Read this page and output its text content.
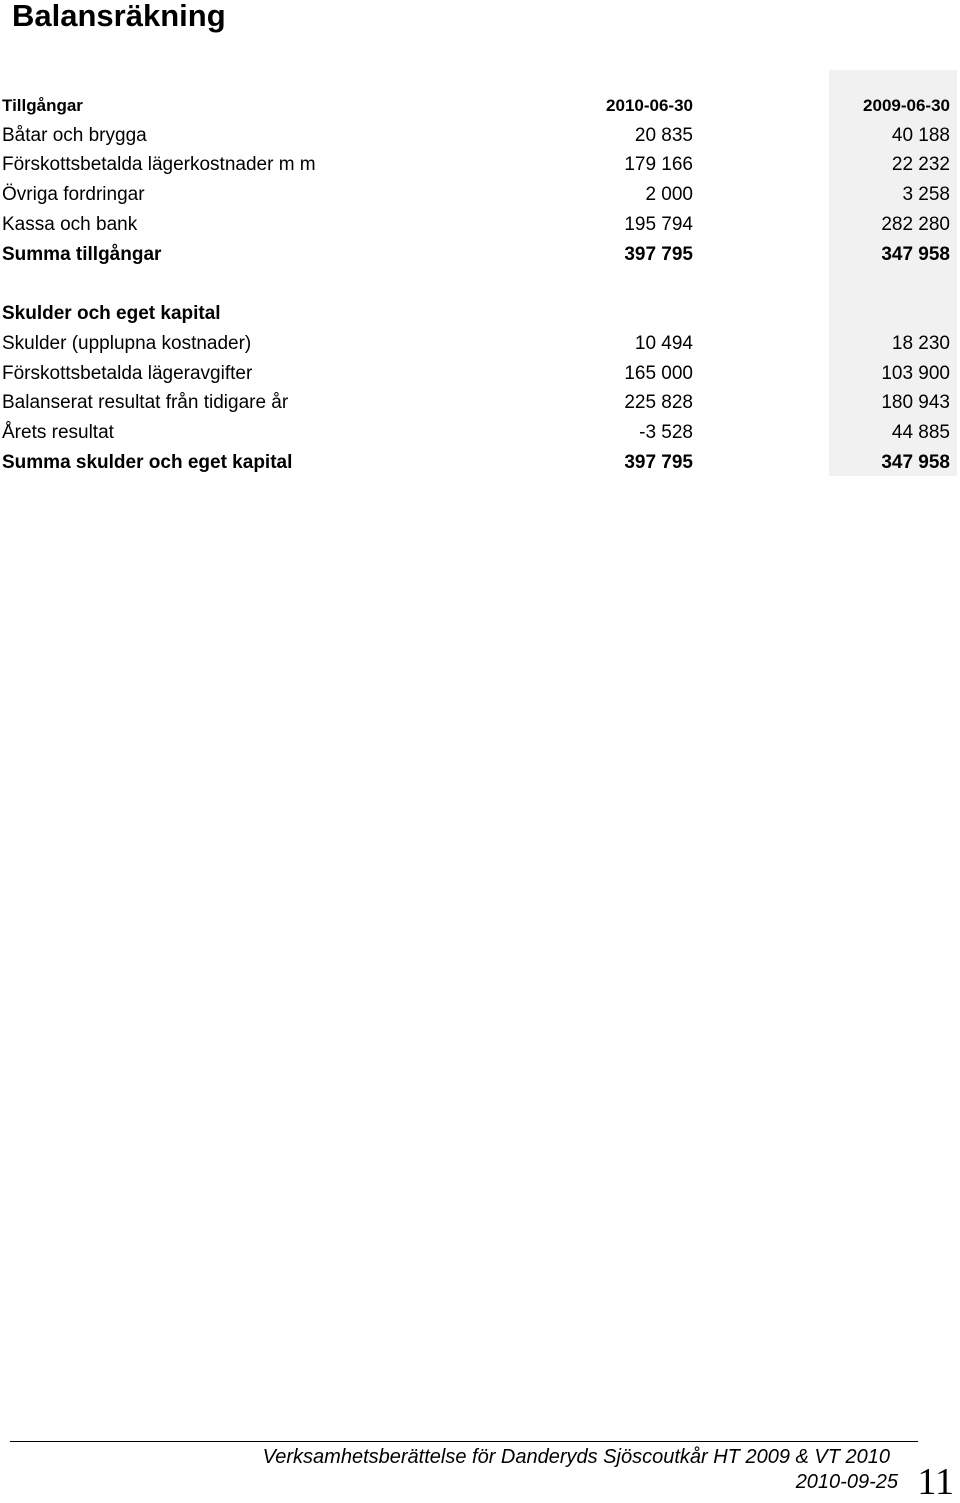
Balansräkning
Tillgångar	2010-06-30	2009-06-30
Båtar och brygga	20 835	40 188
Förskottsbetalda lägerkostnader m m	179 166	22 232
Övriga fordringar	2 000	3 258
Kassa och bank	195 794	282 280
Summa tillgångar	397 795	347 958
Skulder och eget kapital
Skulder (upplupna kostnader)	10 494	18 230
Förskottsbetalda lägeravgifter	165 000	103 900
Balanserat resultat från tidigare år	225 828	180 943
Årets resultat	-3 528	44 885
Summa skulder och eget kapital	397 795	347 958
Verksamhetsberättelse för Danderyds Sjöscoutkår HT 2009 & VT 2010
2010-09-25 11
